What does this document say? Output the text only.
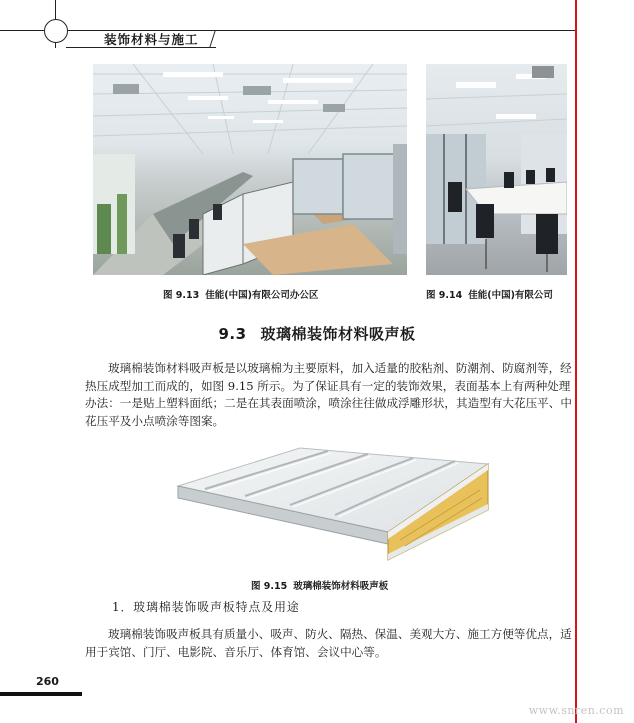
装饰材料与施工
图 9.13 佳能(中国)有限公司办公区	图 9.14 佳能(中国)有限公司
9.3 玻璃棉装饰材料吸声板
玻璃棉装饰材料吸声板是以玻璃棉为主要原料，加入适量的胶粘剂、防潮剂、防腐剂等，经热压成型加工而成的，如图 9.15 所示。为了保证具有一定的装饰效果，表面基本上有两种处理办法：一是贴上塑料面纸；二是在其表面喷涂，喷涂往往做成浮雕形状，其造型有大花压平、中花压平及小点喷涂等图案。
图 9.15 玻璃棉装饰材料吸声板
1．玻璃棉装饰吸声板特点及用途
玻璃棉装饰吸声板具有质量小、吸声、防火、隔热、保温、美观大方、施工方便等优点，适用于宾馆、门厅、电影院、音乐厅、体育馆、会议中心等。
260
www.snren.com
